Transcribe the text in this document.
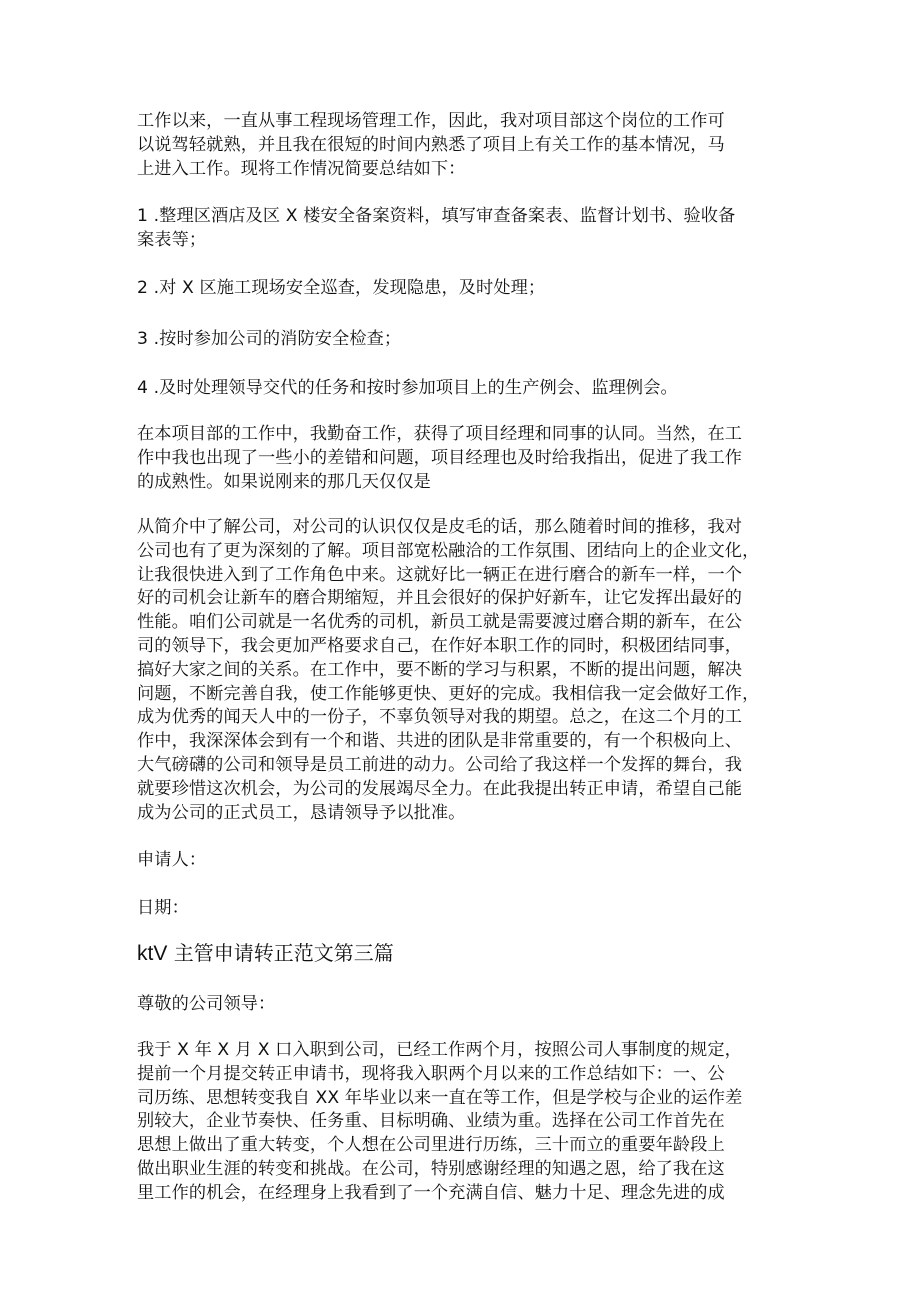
工作以来，一直从事工程现场管理工作，因此，我对项目部这个岗位的工作可
以说驾轻就熟，并且我在很短的时间内熟悉了项目上有关工作的基本情况，马
上进入工作。现将工作情况简要总结如下：

1 .整理区酒店及区 X 楼安全备案资料，填写审查备案表、监督计划书、验收备
案表等；

2 .对 X 区施工现场安全巡查，发现隐患，及时处理；

3 .按时参加公司的消防安全检查；

4 .及时处理领导交代的任务和按时参加项目上的生产例会、监理例会。

在本项目部的工作中，我勤奋工作，获得了项目经理和同事的认同。当然，在工
作中我也出现了一些小的差错和问题，项目经理也及时给我指出，促进了我工作
的成熟性。如果说刚来的那几天仅仅是

从简介中了解公司，对公司的认识仅仅是皮毛的话，那么随着时间的推移，我对
公司也有了更为深刻的了解。项目部宽松融洽的工作氛围、团结向上的企业文化，
让我很快进入到了工作角色中来。这就好比一辆正在进行磨合的新车一样，一个
好的司机会让新车的磨合期缩短，并且会很好的保护好新车，让它发挥出最好的
性能。咱们公司就是一名优秀的司机，新员工就是需要渡过磨合期的新车，在公
司的领导下，我会更加严格要求自己，在作好本职工作的同时，积极团结同事，
搞好大家之间的关系。在工作中，要不断的学习与积累，不断的提出问题，解决
问题，不断完善自我，使工作能够更快、更好的完成。我相信我一定会做好工作，
成为优秀的闻天人中的一份子，不辜负领导对我的期望。总之，在这二个月的工
作中，我深深体会到有一个和谐、共进的团队是非常重要的，有一个积极向上、
大气磅礴的公司和领导是员工前进的动力。公司给了我这样一个发挥的舞台，我
就要珍惜这次机会，为公司的发展竭尽全力。在此我提出转正申请，希望自己能
成为公司的正式员工，恳请领导予以批准。

申请人：

日期：

ktV 主管申请转正范文第三篇

尊敬的公司领导：

我于 X 年 X 月 X 口入职到公司，已经工作两个月，按照公司人事制度的规定，
提前一个月提交转正申请书，现将我入职两个月以来的工作总结如下：一、公
司历练、思想转变我自 XX 年毕业以来一直在等工作，但是学校与企业的运作差
别较大，企业节奏快、任务重、目标明确、业绩为重。选择在公司工作首先在
思想上做出了重大转变，个人想在公司里进行历练，三十而立的重要年龄段上
做出职业生涯的转变和挑战。在公司，特别感谢经理的知遇之恩，给了我在这
里工作的机会，在经理身上我看到了一个充满自信、魅力十足、理念先进的成
